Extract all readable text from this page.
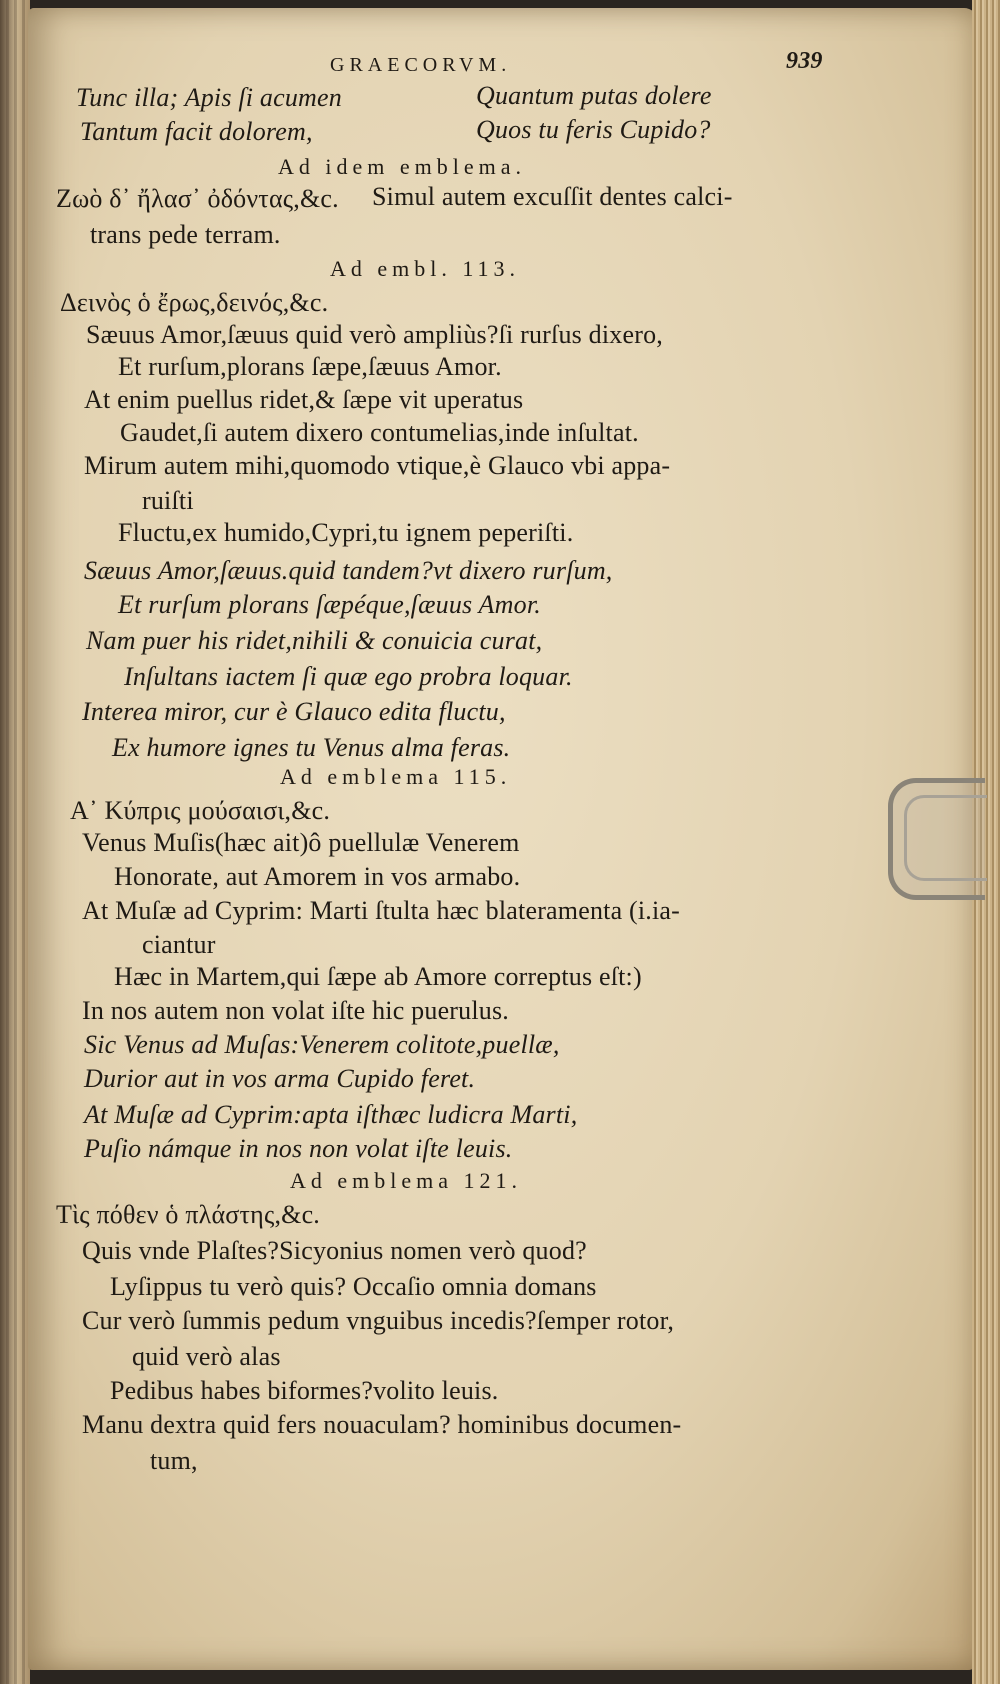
GRAECORVM.	939
Tunc illa; Apis ſi acumen	Quantum putas dolere
Tantum facit dolorem,	Quos tu feris Cupido?
Ad idem emblema.
Ζωὸ δ᾽ ἤλασ᾽ ὀδόντας,&c. Simul autem excuſſit dentes calci-
trans pede terram.
Ad embl. 113.
Δεινὸς ὁ ἔρως,δεινός,&c.
Sæuus Amor,ſæuus quid verò ampliùs?ſi rurſus dixero,
Et rurſum,plorans ſæpe,ſæuus Amor.
At enim puellus ridet,& ſæpe vit uperatus
Gaudet,ſi autem dixero contumelias,inde inſultat.
Mirum autem mihi,quomodo vtique,è Glauco vbi appa-
ruiſti
Fluctu,ex humido,Cypri,tu ignem peperiſti.
Sæuus Amor,ſæuus.quid tandem?vt dixero rurſum,
Et rurſum plorans ſæpéque,ſæuus Amor.
Nam puer his ridet,nihili & conuicia curat,
Inſultans iactem ſi quæ ego probra loquar.
Interea miror, cur è Glauco edita fluctu,
Ex humore ignes tu Venus alma feras.
Ad emblema 115.
Α᾽ Κύπρις μούσαισι,&c.
Venus Muſis(hæc ait)ô puellulæ Venerem
Honorate, aut Amorem in vos armabo.
At Muſæ ad Cyprim: Marti ſtulta hæc blateramenta (i.ia-
ciantur
Hæc in Martem,qui ſæpe ab Amore correptus eſt:)
In nos autem non volat iſte hic puerulus.
Sic Venus ad Muſas:Venerem colitote,puellæ,
Durior aut in vos arma Cupido feret.
At Muſæ ad Cyprim:apta iſthæc ludicra Marti,
Puſio námque in nos non volat iſte leuis.
Ad emblema 121.
Τὶς πόθεν ὁ πλάστης,&c.
Quis vnde Plaſtes?Sicyonius nomen verò quod?
Lyſippus tu verò quis? Occaſio omnia domans
Cur verò ſummis pedum vnguibus incedis?ſemper rotor,
quid verò alas
Pedibus habes biformes?volito leuis.
Manu dextra quid fers nouaculam? hominibus documen-
tum,
